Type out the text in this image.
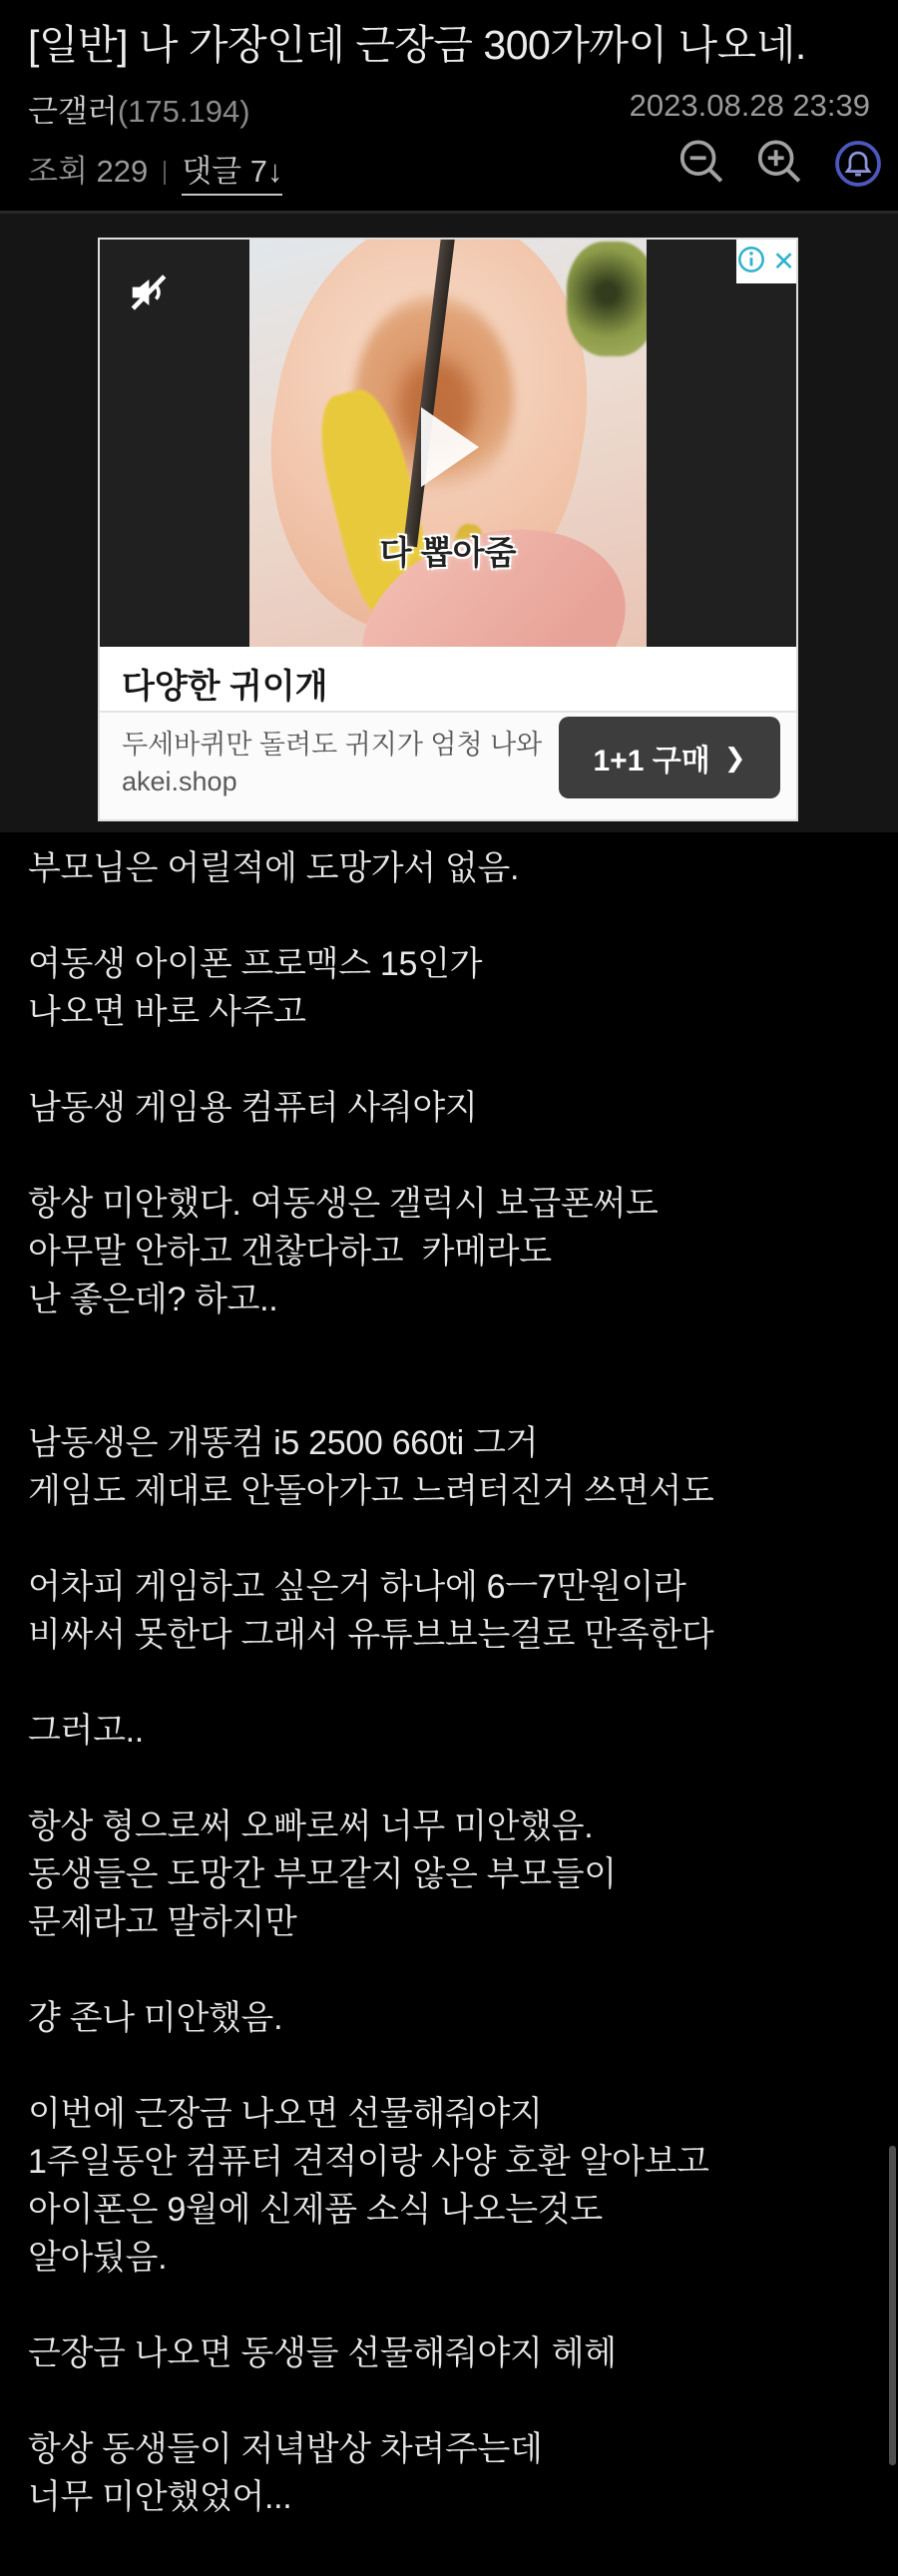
[일반] 나 가장인데 근장금 300가까이 나오네.
근갤러(175.194)	2023.08.28 23:39
조회 229 댓글 7↓
다 뽑아줌
✕
다양한 귀이개
두세바퀴만 돌려도 귀지가 엄청 나와
akei.shop
1+1 구매 ❯
부모님은 어릴적에 도망가서 없음.

여동생 아이폰 프로맥스 15인가
나오면 바로 사주고

남동생 게임용 컴퓨터 사줘야지

항상 미안했다. 여동생은 갤럭시 보급폰써도
아무말 안하고 갠찮다하고  카메라도
난 좋은데? 하고..

남동생은 개똥컴 i5 2500 660ti 그거
게임도 제대로 안돌아가고 느려터진거 쓰면서도

어차피 게임하고 싶은거 하나에 6ㅡ7만원이라
비싸서 못한다 그래서 유튜브보는걸로 만족한다

그러고..

항상 형으로써 오빠로써 너무 미안했음.
동생들은 도망간 부모같지 않은 부모들이
문제라고 말하지만

걍 존나 미안했음.

이번에 근장금 나오면 선물해줘야지
1주일동안 컴퓨터 견적이랑 사양 호환 알아보고
아이폰은 9월에 신제품 소식 나오는것도
알아뒀음.

근장금 나오면 동생들 선물해줘야지 헤헤

항상 동생들이 저녁밥상 차려주는데
너무 미안했었어...
